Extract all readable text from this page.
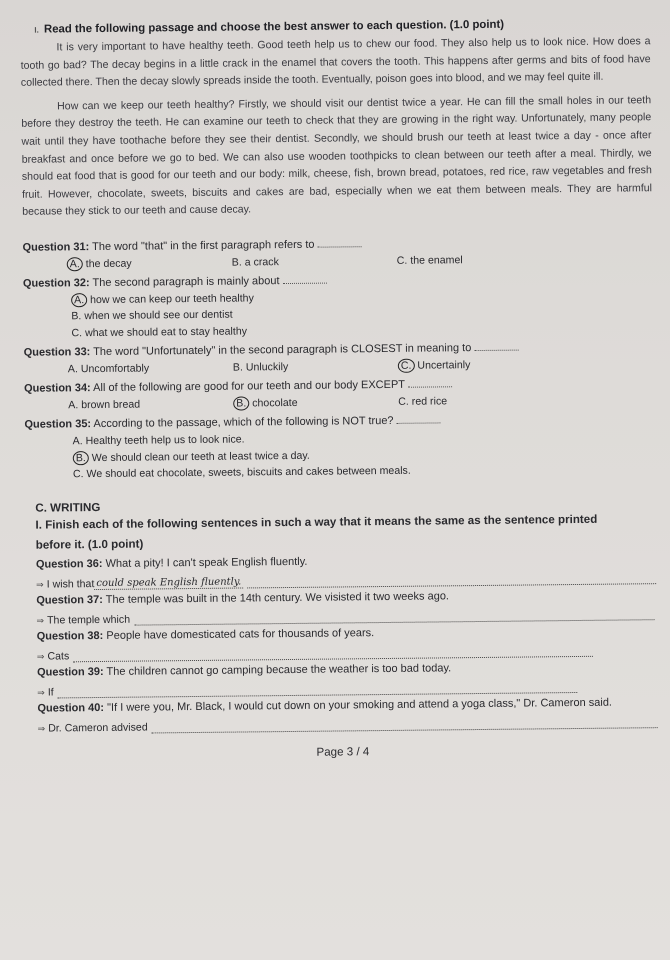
I. Read the following passage and choose the best answer to each question. (1.0 point)

It is very important to have healthy teeth. Good teeth help us to chew our food. They also help us to look nice. How does a tooth go bad? The decay begins in a little crack in the enamel that covers the tooth. This happens after germs and bits of food have collected there. Then the decay slowly spreads inside the tooth. Eventually, poison goes into blood, and we may feel quite ill.

How can we keep our teeth healthy? Firstly, we should visit our dentist twice a year. He can fill the small holes in our teeth before they destroy the teeth. He can examine our teeth to check that they are growing in the right way. Unfortunately, many people wait until they have toothache before they see their dentist. Secondly, we should brush our teeth at least twice a day - once after breakfast and once before we go to bed. We can also use wooden toothpicks to clean between our teeth after a meal. Thirdly, we should eat food that is good for our teeth and our body: milk, cheese, fish, brown bread, potatoes, red rice, raw vegetables and fresh fruit. However, chocolate, sweets, biscuits and cakes are bad, especially when we eat them between meals. They are harmful because they stick to our teeth and cause decay.

Question 31: The word "that" in the first paragraph refers to

A. the decay	B. a crack	C. the enamel

Question 32: The second paragraph is mainly about

A. how we can keep our teeth healthy
B. when we should see our dentist
C. what we should eat to stay healthy

Question 33: The word "Unfortunately" in the second paragraph is CLOSEST in meaning to

A. Uncomfortably	B. Unluckily	C. Uncertainly

Question 34: All of the following are good for our teeth and our body EXCEPT

A. brown bread	B. chocolate	C. red rice

Question 35: According to the passage, which of the following is NOT true?

A. Healthy teeth help us to look nice.
B. We should clean our teeth at least twice a day.
C. We should eat chocolate, sweets, biscuits and cakes between meals.
C. WRITING
I. Finish each of the following sentences in such a way that it means the same as the sentence printed
before it. (1.0 point)
Question 36: What a pity! I can't speak English fluently.
⇒ I wish that could speak English fluently.
Question 37: The temple was built in the 14th century. We visisted it two weeks ago.
⇒ The temple which
Question 38: People have domesticated cats for thousands of years.
⇒ Cats
Question 39: The children cannot go camping because the weather is too bad today.
⇒ If
Question 40: "If I were you, Mr. Black, I would cut down on your smoking and attend a yoga class," Dr. Cameron said.
⇒ Dr. Cameron advised
Page 3 / 4
